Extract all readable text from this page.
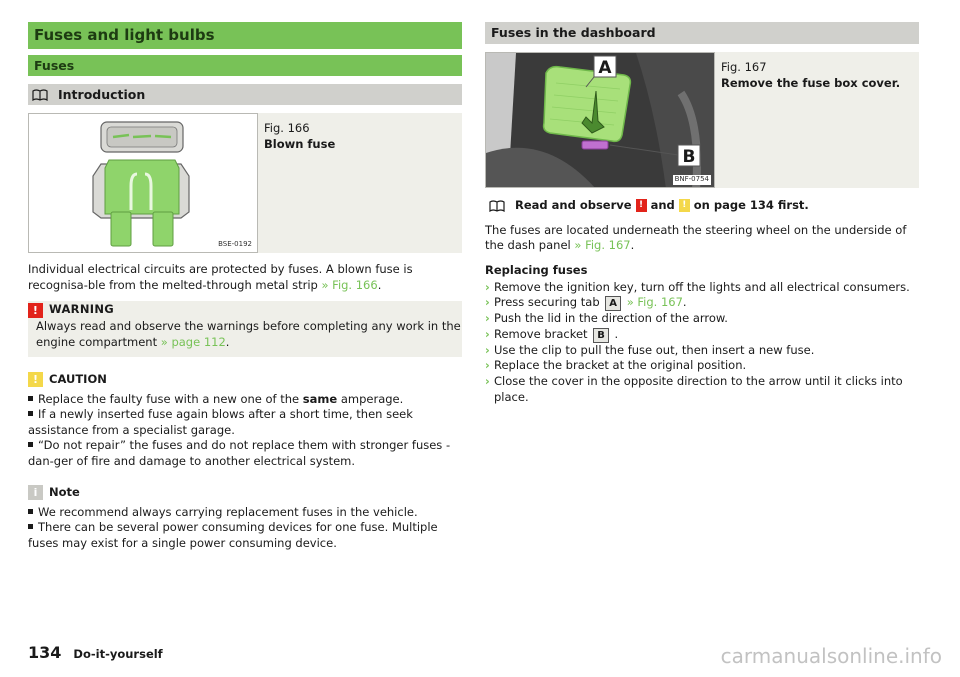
Fuses and light bulbs
Fuses
Introduction
BSE-0192
Fig. 166
Blown fuse

Individual electrical circuits are protected by fuses. A blown fuse is recognisa-ble from the melted-through metal strip » Fig. 166.

! WARNING
Always read and observe the warnings before completing any work in the engine compartment » page 112.
! CAUTION
Replace the faulty fuse with a new one of the same amperage.
If a newly inserted fuse again blows after a short time, then seek assistance from a specialist garage.
“Do not repair” the fuses and do not replace them with stronger fuses - dan-ger of fire and damage to another electrical system.
i	Note
We recommend always carrying replacement fuses in the vehicle.
There can be several power consuming devices for one fuse. Multiple fuses may exist for a single power consuming device.
Fuses in the dashboard
A
B
BNF-0754
Fig. 167
Remove the fuse box cover.
Read and observe ! and ! on page 134 first.

The fuses are located underneath the steering wheel on the underside of the dash panel » Fig. 167.

Replacing fuses

› Remove the ignition key, turn off the lights and all electrical consumers.
› Press securing tab A » Fig. 167.
› Push the lid in the direction of the arrow.
› Remove bracket B .
› Use the clip to pull the fuse out, then insert a new fuse.
› Replace the bracket at the original position.
› Close the cover in the opposite direction to the arrow until it clicks into place.
134 Do-it-yourself	carmanualsonline.info
